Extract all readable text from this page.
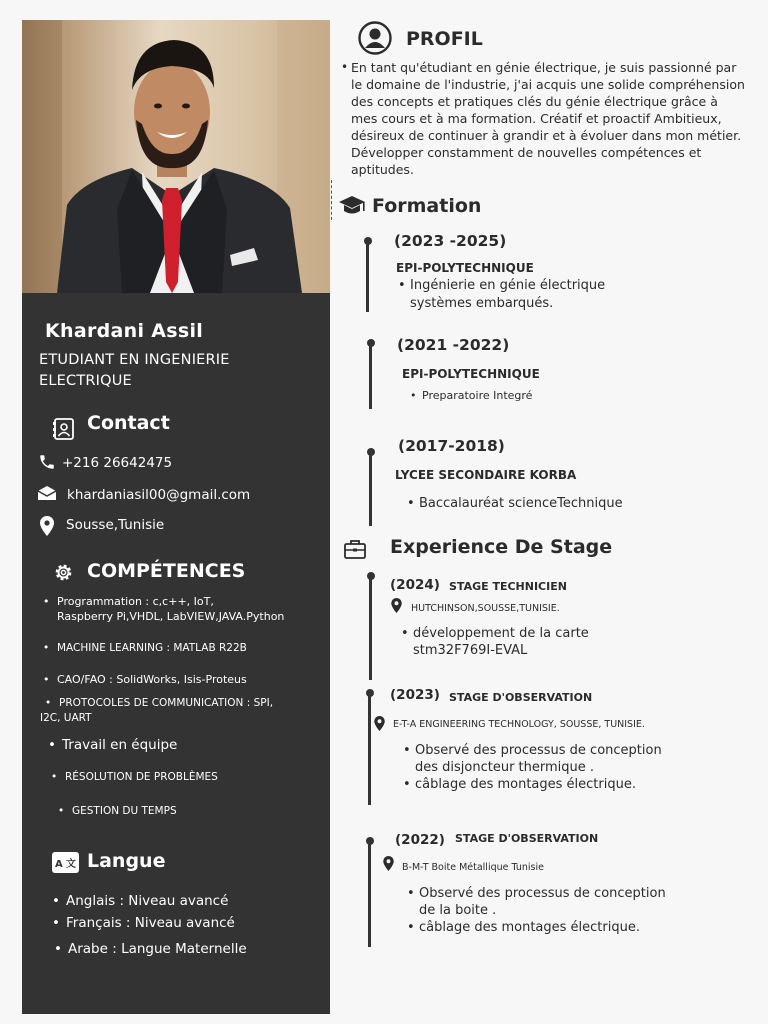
Khardani Assil
ETUDIANT EN INGENIERIE
ELECTRIQUE
Contact
+216 26642475
khardaniasil00@gmail.com
Sousse,Tunisie
COMPÉTENCES
• Programmation : c,c++, IoT,
Raspberry Pi,VHDL, LabVIEW,JAVA.Python
• MACHINE LEARNING : MATLAB R22B
• CAO/FAO : SolidWorks, Isis-Proteus
• PROTOCOLES DE COMMUNICATION : SPI,
I2C, UART
• Travail en équipe
• RÉSOLUTION DE PROBLÈMES
• GESTION DU TEMPS
A 文 Langue
• Anglais : Niveau avancé
• Français : Niveau avancé
• Arabe : Langue Maternelle
PROFIL
• En tant qu'étudiant en génie électrique, je suis passionné par
le domaine de l'industrie, j'ai acquis une solide compréhension
des concepts et pratiques clés du génie électrique grâce à
mes cours et à ma formation. Créatif et proactif Ambitieux,
désireux de continuer à grandir et à évoluer dans mon métier.
Développer constamment de nouvelles compétences et
aptitudes.
Formation
(2023 -2025)
EPI-POLYTECHNIQUE
• Ingénierie en génie électrique
systèmes embarqués.
(2021 -2022)
EPI-POLYTECHNIQUE
• Preparatoire Integré
(2017-2018)
LYCEE SECONDAIRE KORBA
• Baccalauréat scienceTechnique
Experience De Stage
(2024) STAGE TECHNICIEN
HUTCHINSON,SOUSSE,TUNISIE.
• développement de la carte
stm32F769I-EVAL
(2023) STAGE D'OBSERVATION
E-T-A ENGINEERING TECHNOLOGY, SOUSSE, TUNISIE.
• Observé des processus de conception
des disjoncteur thermique .
• câblage des montages électrique.
(2022) STAGE D'OBSERVATION
B-M-T Boite Métallique Tunisie
• Observé des processus de conception
de la boite .
• câblage des montages électrique.
